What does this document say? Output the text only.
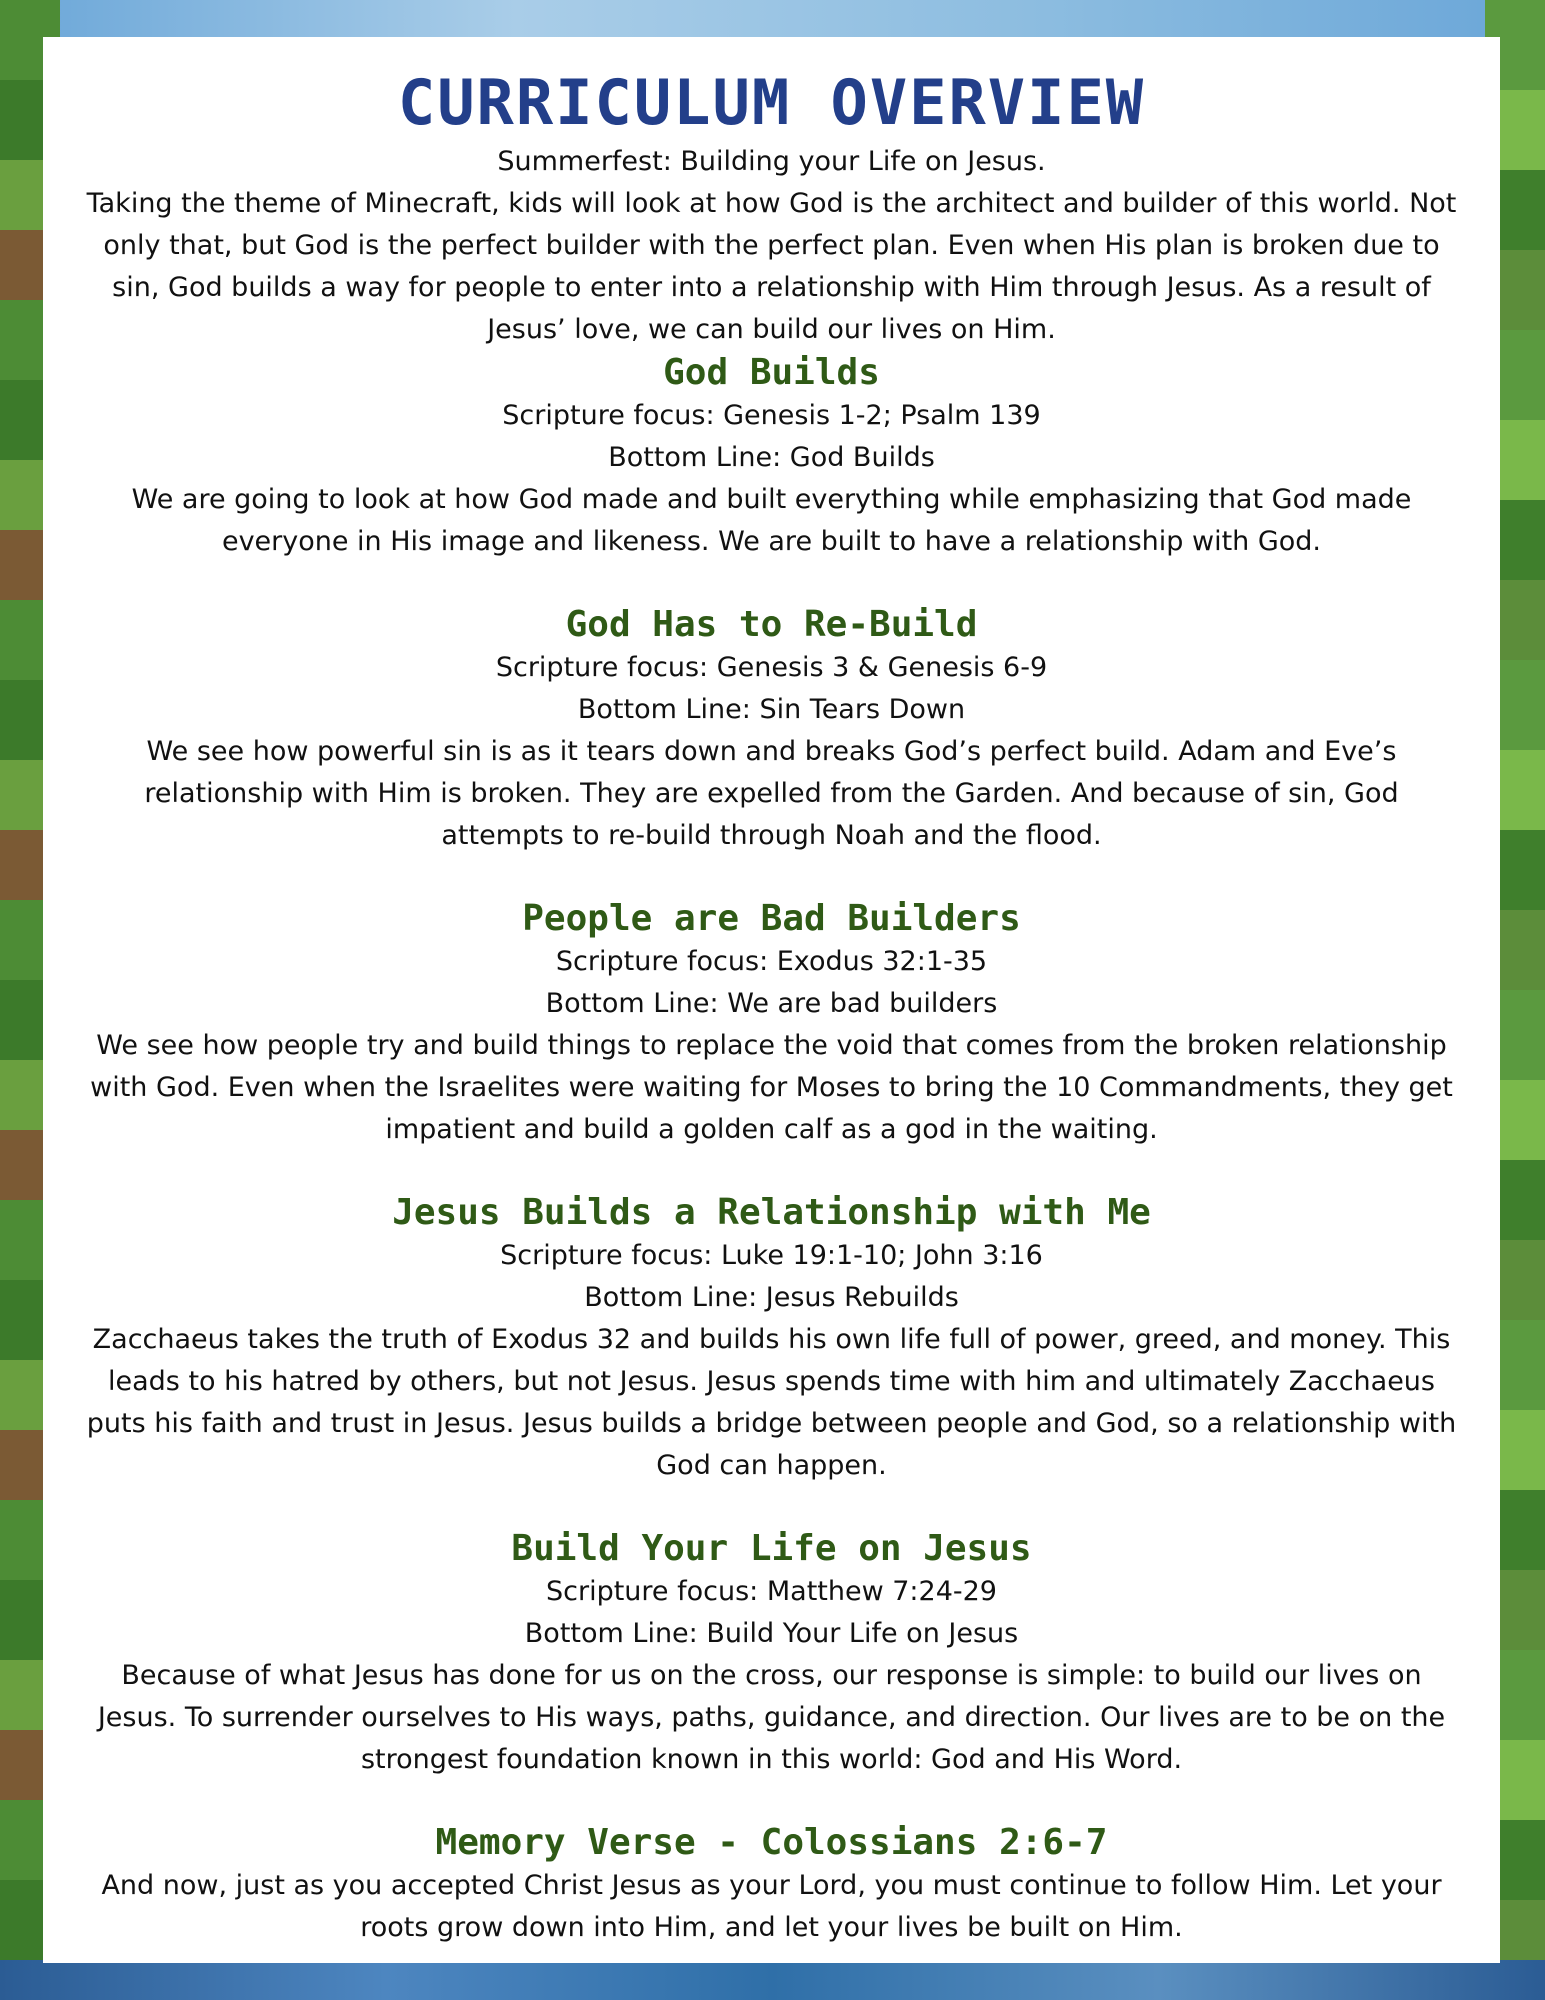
CURRICULUM OVERVIEW

Summerfest: Building your Life on Jesus.

Taking the theme of Minecraft, kids will look at how God is the architect and builder of this world. Not only that, but God is the perfect builder with the perfect plan. Even when His plan is broken due to sin, God builds a way for people to enter into a relationship with Him through Jesus. As a result of Jesus’ love, we can build our lives on Him.

God Builds

Scripture focus: Genesis 1-2; Psalm 139

Bottom Line: God Builds

We are going to look at how God made and built everything while emphasizing that God made everyone in His image and likeness. We are built to have a relationship with God.

God Has to Re-Build

Scripture focus: Genesis 3 & Genesis 6-9

Bottom Line: Sin Tears Down

We see how powerful sin is as it tears down and breaks God’s perfect build. Adam and Eve’s relationship with Him is broken. They are expelled from the Garden. And because of sin, God attempts to re-build through Noah and the flood.

People are Bad Builders

Scripture focus: Exodus 32:1-35

Bottom Line: We are bad builders

We see how people try and build things to replace the void that comes from the broken relationship with God. Even when the Israelites were waiting for Moses to bring the 10 Commandments, they get impatient and build a golden calf as a god in the waiting.

Jesus Builds a Relationship with Me

Scripture focus: Luke 19:1-10; John 3:16

Bottom Line: Jesus Rebuilds

Zacchaeus takes the truth of Exodus 32 and builds his own life full of power, greed, and money. This leads to his hatred by others, but not Jesus. Jesus spends time with him and ultimately Zacchaeus puts his faith and trust in Jesus. Jesus builds a bridge between people and God, so a relationship with God can happen.

Build Your Life on Jesus

Scripture focus: Matthew 7:24-29

Bottom Line: Build Your Life on Jesus

Because of what Jesus has done for us on the cross, our response is simple: to build our lives on Jesus. To surrender ourselves to His ways, paths, guidance, and direction. Our lives are to be on the strongest foundation known in this world: God and His Word.

Memory Verse - Colossians 2:6-7

And now, just as you accepted Christ Jesus as your Lord, you must continue to follow Him. Let your roots grow down into Him, and let your lives be built on Him.
